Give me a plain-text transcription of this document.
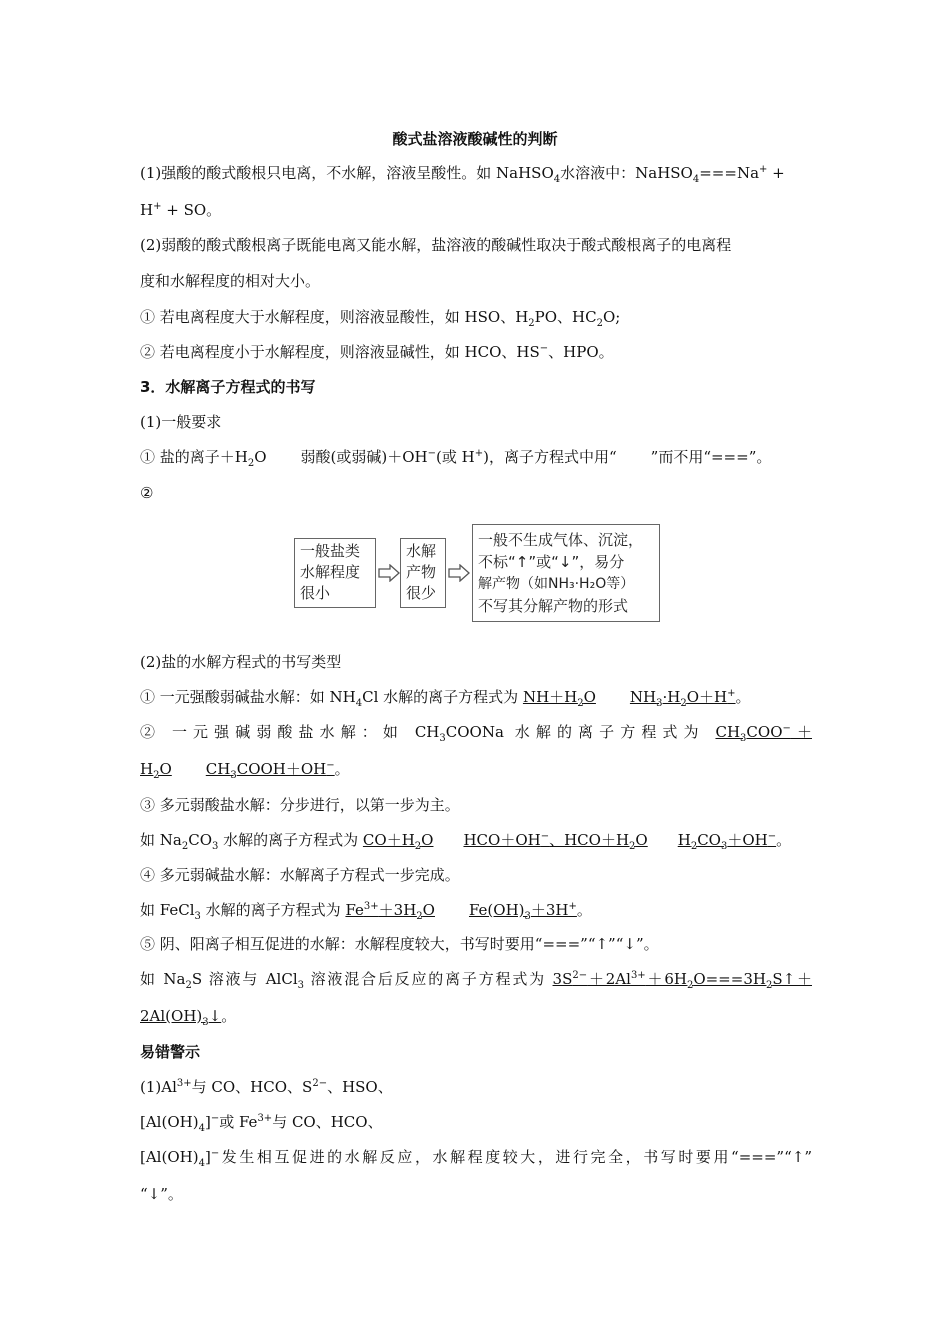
酸式盐溶液酸碱性的判断
(1)强酸的酸式酸根只电离，不水解，溶液呈酸性。如 NaHSO$_4$水溶液中：NaHSO$_4$===Na+ +
H+ + SO。
(2)弱酸的酸式酸根离子既能电离又能水解，盐溶液的酸碱性取决于酸式酸根离子的电离程
度和水解程度的相对大小。
① 若电离程度大于水解程度，则溶液显酸性，如 HSO、$H_2PO$、$HC_2O$;
② 若电离程度小于水解程度，则溶液显碱性，如 HCO、HS−、HPO。
3．水解离子方程式的书写
(1)一般要求
① 盐的离子$+H_2O$ 弱酸(或弱碱)＋OH−(或 H+)，离子方程式中用“ ”而不用“===”。
②
一般盐类
水解程度
很小
水解
产物
很少
一般不生成气体、沉淀，
不标“↑”或“↓”，易分
解产物（如NH₃·H₂O等）
不写其分解产物的形式
(2)盐的水解方程式的书写类型
① 一元强酸弱碱盐水解：如 $NH_4Cl$ 水解的离子方程式为 $NH+H_2O$ $NH_3\cdot H_2O+H^+$。
② 一元强碱弱酸盐水解：如 $CH_3COONa$ 水解的离子方程式为 $CH_3COO^-+$
$H_2O$ $CH_3COOH+OH^-$。
③ 多元弱酸盐水解：分步进行，以第一步为主。
如 $Na_2CO_3$ 水解的离子方程式为 $CO+H_2O$ HCO＋OH−、$HCO+H_2O$ $H_2CO_3+OH^-$。
④ 多元弱碱盐水解：水解离子方程式一步完成。
如 FeCl$_3$ 水解的离子方程式为 $Fe^{3+}+3H_2O$ $Fe(OH)_3+3H^+$。
⑤ 阴、阳离子相互促进的水解：水解程度较大，书写时要用“===”“↑”“↓”。
如 $Na_2S$ 溶液与 AlCl$_3$ 溶液混合后反应的离子方程式为 $3S^{2-}+2Al^{3+}+6H_2O===3H_2S↑+$
$2Al(OH)_3↓$。
易错警示
$(1)Al^{3+}$与 CO、HCO、$S^{2-}$、HSO、
$[Al(OH)_4]^-$或 $Fe^{3+}$与 CO、HCO、
$[Al(OH)_4]^-$发生相互促进的水解反应，水解程度较大，进行完全，书写时要用“===”“↑”
“↓”。
